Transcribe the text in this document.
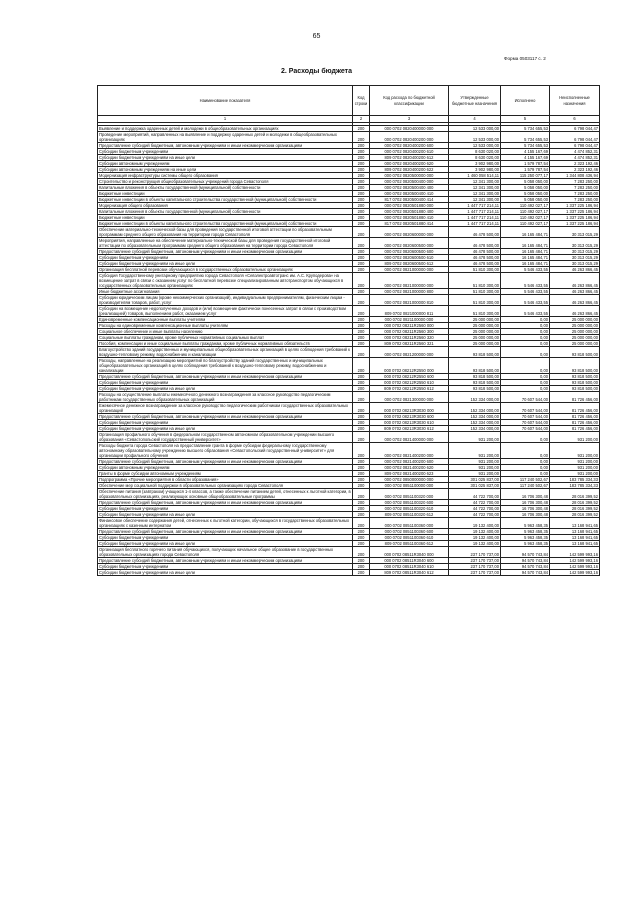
65
Форма 0503117 с. 2
2. Расходы бюджета
Наименование показателя	Код строки	Код расхода по бюджетной классификации	Утвержденные бюджетные назначения	Исполнено	Неисполненные назначения
1	2	3	4	5	6

Выявление и поддержка одаренных детей и молодежи в общеобразовательных организациях	200	000 0702 0820400000 000	12 533 000,00	5 734 655,53	6 798 044,47
Проведение мероприятий, направленных на выявление и поддержку одаренных детей и молодежи в общеобразовательных организациях	200	000 0702 0820400200 000	12 533 000,00	5 734 655,53	6 798 044,47
Предоставление субсидий бюджетным, автономным учреждениям и иным некоммерческим организациям	200	000 0702 0820400200 600	12 533 000,00	5 734 655,53	6 798 044,47
Субсидии бюджетным учреждениям	200	000 0702 0820400200 610	8 630 020,00	4 155 167,69	4 474 852,31
Субсидии бюджетным учреждениям на иные цели	200	809 0702 0820400200 612	8 630 020,00	4 155 167,69	4 474 852,31
Субсидии автономным учреждениям	200	000 0702 0820400200 620	3 902 980,00	1 579 787,54	2 323 192,46
Субсидии автономным учреждениям на иные цели	200	809 0702 0820400200 622	3 902 980,00	1 579 787,54	2 323 192,46
Модернизация инфраструктуры системы общего образования	200	000 0702 0820500000 000	1 460 058 514,11	115 250 077,17	1 344 808 436,94
Строительство и реконструкция общеобразовательных учреждений города Севастополя	200	000 0702 0820500400 000	12 341 300,00	5 058 050,00	7 283 250,00
Капитальные вложения в объекты государственной (муниципальной) собственности	200	000 0702 0820500400 400	12 341 300,00	5 058 050,00	7 283 250,00
Бюджетные инвестиции	200	000 0702 0820500400 410	12 341 300,00	5 058 050,00	7 283 250,00
Бюджетные инвестиции в объекты капитального строительства государственной (муниципальной) собственности	200	817 0702 0820500400 414	12 341 300,00	5 058 050,00	7 283 250,00
Модернизация общего образования	200	000 0702 0820501880 000	1 447 717 214,11	110 492 027,17	1 337 225 186,94
Капитальные вложения в объекты государственной (муниципальной) собственности	200	000 0702 0820501880 400	1 447 717 214,11	110 492 027,17	1 337 225 186,94
Бюджетные инвестиции	200	000 0702 0820501880 410	1 447 717 214,11	110 492 027,17	1 337 225 186,94
Бюджетные инвестиции в объекты капитального строительства государственной (муниципальной) собственности	200	817 0702 0820501880 414	1 447 717 214,11	110 492 027,17	1 337 225 186,94
Обеспечение материально-технической базы для проведения государственной итоговой аттестации по образовательным программам среднего общего образования на территории города Севастополя	200	000 0702 0820600000 000	46 478 500,00	16 165 484,71	30 313 015,29
Мероприятия, направленные на обеспечение материально-технической базы для проведения государственной итоговой аттестации по образовательным программам среднего общего образования на территории города Севастополя	200	000 0702 0820600500 000	46 478 500,00	16 165 484,71	30 313 015,29
Предоставление субсидий бюджетным, автономным учреждениям и иным некоммерческим организациям	200	000 0702 0820600500 600	46 478 500,00	16 165 484,71	30 313 015,29
Субсидии бюджетным учреждениям	200	000 0702 0820600500 610	46 478 500,00	16 165 484,71	30 313 015,29
Субсидии бюджетным учреждениям на иные цели	200	809 0702 0820600500 612	46 478 500,00	16 165 484,71	30 313 015,29
Организация бесплатной перевозки обучающихся в государственных образовательных организациях	200	000 0702 0821000000 000	51 810 300,00	5 546 433,55	46 263 866,45
Субсидия Государственному унитарному предприятию города Севастополя «Севэлектроавтотранс им. А.С. Круподерова» на возмещение затрат в связи с оказанием услуг по бесплатной перевозке специализированным автотранспортом обучающихся в государственных образовательных организациях	200	000 0702 0821000000 000	51 810 300,00	5 546 433,55	46 263 866,45
Иные бюджетные ассигнования	200	000 0702 0821000000 800	51 810 300,00	5 546 433,55	46 263 866,45
Субсидии юридическим лицам (кроме некоммерческих организаций), индивидуальным предпринимателям, физическим лицам - производителям товаров, работ, услуг	200	000 0702 0821000000 810	51 810 300,00	5 546 433,55	46 263 866,45
Субсидии на возмещение недополученных доходов и (или) возмещение фактически понесенных затрат в связи с производством (реализацией) товаров, выполнением работ, оказанием услуг	200	809 0702 0821000000 811	51 810 300,00	5 546 433,55	46 263 866,45
Единовременные компенсационные выплаты учителям	200	000 0702 0821100000 000	25 000 000,00	0,00	25 000 000,00
Расходы на единовременные компенсационные выплаты учителям	200	000 0702 08211R2560 000	25 000 000,00	0,00	25 000 000,00
Социальное обеспечение и иные выплаты населению	200	000 0702 08211R2560 300	25 000 000,00	0,00	25 000 000,00
Социальные выплаты гражданам, кроме публичных нормативных социальных выплат	200	000 0702 08211R2560 320	25 000 000,00	0,00	25 000 000,00
Пособия, компенсации и иные социальные выплаты гражданам, кроме публичных нормативных обязательств	200	809 0702 08211R2560 321	25 000 000,00	0,00	25 000 000,00
Благоустройство зданий государственных и муниципальных общеобразовательных организаций в целях соблюдения требований к воздушно-тепловому режиму, водоснабжению и канализации	200	000 0702 0821200000 000	93 818 500,00	0,00	93 818 500,00
Расходы, направленные на реализацию мероприятий по благоустройству зданий государственных и муниципальных общеобразовательных организаций в целях соблюдения требований к воздушно-тепловому режиму, водоснабжению и канализации	200	000 0702 08212R2550 000	93 818 500,00	0,00	93 818 500,00
Предоставление субсидий бюджетным, автономным учреждениям и иным некоммерческим организациям	200	000 0702 08212R2550 600	93 818 500,00	0,00	93 818 500,00
Субсидии бюджетным учреждениям	200	000 0702 08212R2550 610	93 818 500,00	0,00	93 818 500,00
Субсидии бюджетным учреждениям на иные цели	200	809 0702 08212R2550 612	93 818 500,00	0,00	93 818 500,00
Расходы на осуществление выплаты ежемесячного денежного вознаграждения за классное руководство педагогическим работникам государственных образовательных организаций	200	000 0702 0821300000 000	152 334 000,00	70 607 544,00	81 726 456,00
Ежемесячное денежное вознаграждение за классное руководство педагогическим работникам государственных образовательных организаций	200	000 0702 08213R3030 000	152 334 000,00	70 607 544,00	81 726 456,00
Предоставление субсидий бюджетным, автономным учреждениям и иным некоммерческим организациям	200	000 0702 08213R3030 600	152 334 000,00	70 607 544,00	81 726 456,00
Субсидии бюджетным учреждениям	200	000 0702 08213R3030 610	152 334 000,00	70 607 544,00	81 726 456,00
Субсидии бюджетным учреждениям на иные цели	200	809 0702 08213R3030 612	152 334 000,00	70 607 544,00	81 726 456,00
Организация профильного обучения в федеральном государственном автономном образовательном учреждении высшего образования «Севастопольский государственный университет»	200	000 0702 0821400000 000	931 200,00	0,00	931 200,00
Расходы бюджета города Севастополя на предоставление гранта в форме субсидии федеральному государственному автономному образовательному учреждению высшего образования «Севастопольский государственный университет» для организации профильного обучения	200	000 0702 0821400200 000	931 200,00	0,00	931 200,00
Предоставление субсидий бюджетным, автономным учреждениям и иным некоммерческим организациям	200	000 0702 0821400200 600	931 200,00	0,00	931 200,00
Субсидии автономным учреждениям	200	000 0702 0821400200 620	931 200,00	0,00	931 200,00
Гранты в форме субсидии автономным учреждениям	200	809 0702 0821400200 623	931 200,00	0,00	931 200,00
Подпрограмма «Прочие мероприятия в области образования»	200	000 0702 0850000000 000	301 025 837,00	117 240 502,67	183 785 334,33
Обеспечение мер социальной поддержки в образовательных организациях города Севастополя	200	000 0702 0851100000 000	301 025 837,00	117 240 502,67	183 785 334,33
Обеспечение питания (завтраком) учащихся 1-4 классов, а также обеспечение питанием детей, отнесенных к льготной категории, в образовательных организациях, реализующих основные общеобразовательные программы	200	000 0702 0851100320 000	44 722 700,00	16 706 300,48	28 016 399,52
Предоставление субсидий бюджетным, автономным учреждениям и иным некоммерческим организациям	200	000 0702 0851100320 600	44 722 700,00	16 706 300,48	28 016 399,52
Субсидии бюджетным учреждениям	200	000 0702 0851100320 610	44 722 700,00	16 706 300,48	28 016 399,52
Субсидии бюджетным учреждениям на иные цели	200	809 0702 0851100320 612	44 722 700,00	16 706 300,48	28 016 399,52
Финансовое обеспечение содержания детей, отнесенных к льготной категории, обучающихся в государственных образовательных организациях с казенным интернатом	200	000 0702 0851100360 000	19 132 400,00	5 963 458,35	13 168 941,65
Предоставление субсидий бюджетным, автономным учреждениям и иным некоммерческим организациям	200	000 0702 0851100360 600	19 132 400,00	5 963 458,35	13 168 941,65
Субсидии бюджетным учреждениям	200	000 0702 0851100360 610	19 132 400,00	5 963 458,35	13 168 941,65
Субсидии бюджетным учреждениям на иные цели	200	809 0702 0851100360 612	19 132 400,00	5 963 458,35	13 168 941,65
Организация бесплатного горячего питания обучающихся, получающих начальное общее образование в государственных образовательных организациях города Севастополя	200	000 0702 08511R3040 000	237 170 737,00	94 570 743,84	142 599 993,16
Предоставление субсидий бюджетным, автономным учреждениям и иным некоммерческим организациям	200	000 0702 08511R3040 600	237 170 737,00	94 570 743,84	142 599 993,16
Субсидии бюджетным учреждениям	200	000 0702 08511R3040 610	237 170 737,00	94 570 743,84	142 599 993,16
Субсидии бюджетным учреждениям на иные цели	200	809 0702 08511R3040 612	237 170 737,00	94 570 743,84	142 599 993,16
